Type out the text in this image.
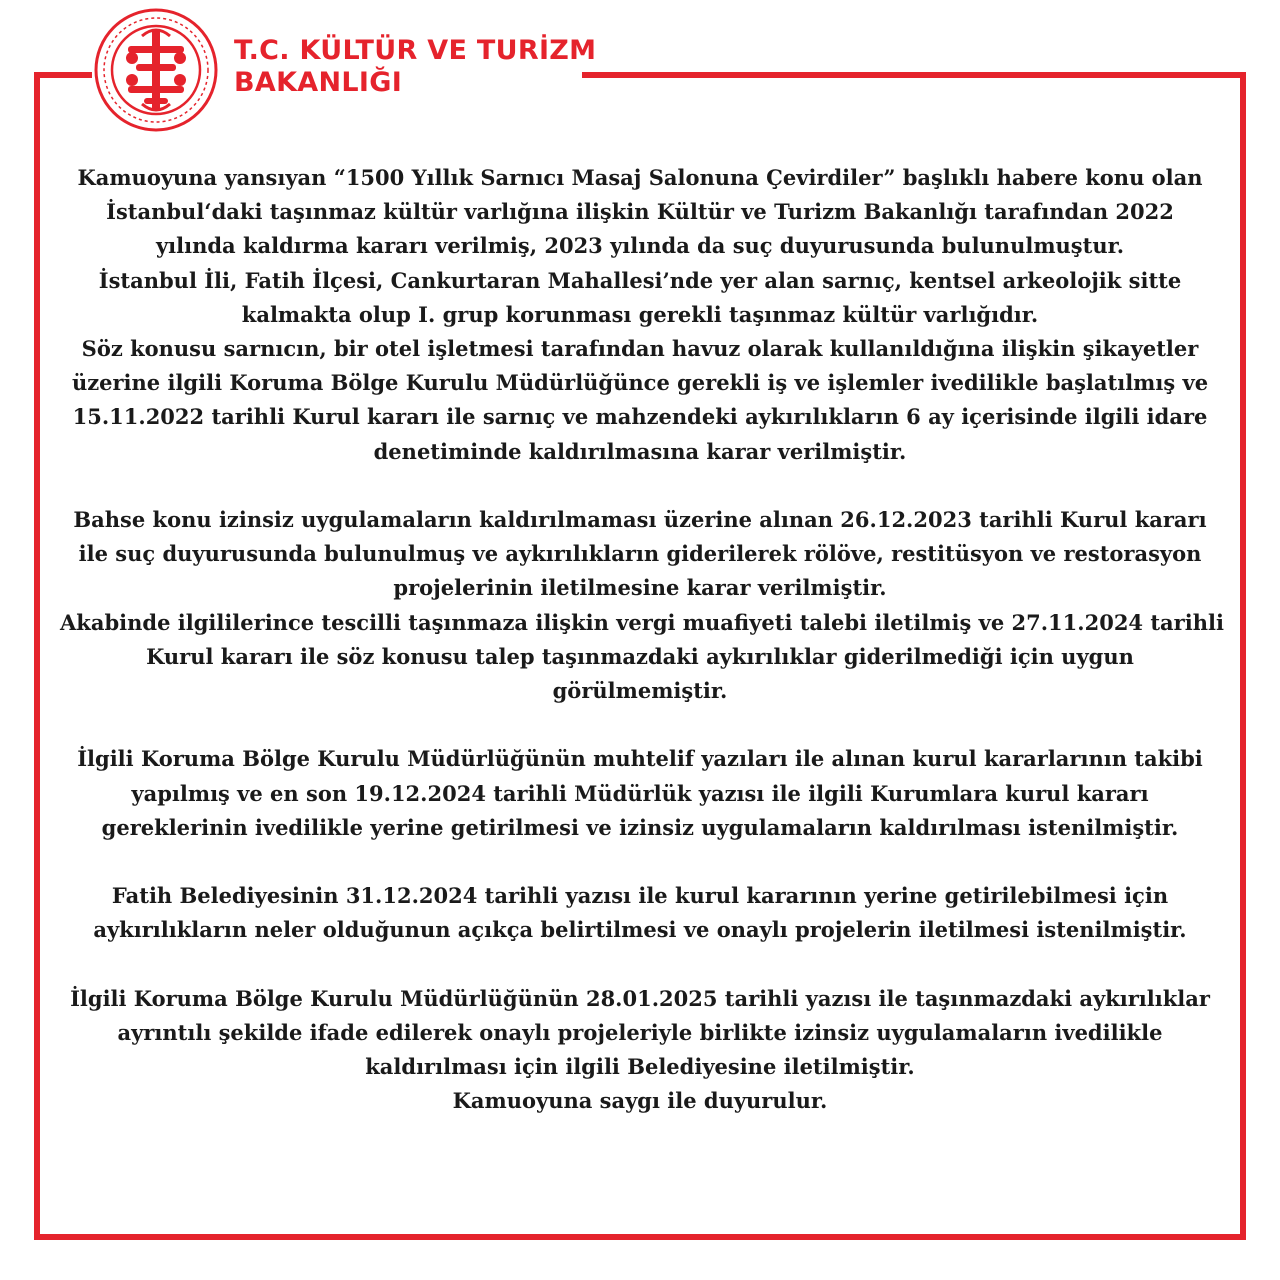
T.C. KÜLTÜR VE TURİZM
BAKANLIĞI
Kamuoyuna yansıyan “1500 Yıllık Sarnıcı Masaj Salonuna Çevirdiler” başlıklı habere konu olan
İstanbul‘daki taşınmaz kültür varlığına ilişkin Kültür ve Turizm Bakanlığı tarafından 2022
yılında kaldırma kararı verilmiş, 2023 yılında da suç duyurusunda bulunulmuştur.
İstanbul İli, Fatih İlçesi, Cankurtaran Mahallesi’nde yer alan sarnıç, kentsel arkeolojik sitte
kalmakta olup I. grup korunması gerekli taşınmaz kültür varlığıdır.
Söz konusu sarnıcın, bir otel işletmesi tarafından havuz olarak kullanıldığına ilişkin şikayetler
üzerine ilgili Koruma Bölge Kurulu Müdürlüğünce gerekli iş ve işlemler ivedilikle başlatılmış ve
15.11.2022 tarihli Kurul kararı ile sarnıç ve mahzendeki aykırılıkların 6 ay içerisinde ilgili idare
denetiminde kaldırılmasına karar verilmiştir.
Bahse konu izinsiz uygulamaların kaldırılmaması üzerine alınan 26.12.2023 tarihli Kurul kararı
ile suç duyurusunda bulunulmuş ve aykırılıkların giderilerek rölöve, restitüsyon ve restorasyon
projelerinin iletilmesine karar verilmiştir.
Akabinde ilgililerince tescilli taşınmaza ilişkin vergi muafiyeti talebi iletilmiş ve 27.11.2024 tarihli
Kurul kararı ile söz konusu talep taşınmazdaki aykırılıklar giderilmediği için uygun
görülmemiştir.
İlgili Koruma Bölge Kurulu Müdürlüğünün muhtelif yazıları ile alınan kurul kararlarının takibi
yapılmış ve en son 19.12.2024 tarihli Müdürlük yazısı ile ilgili Kurumlara kurul kararı
gereklerinin ivedilikle yerine getirilmesi ve izinsiz uygulamaların kaldırılması istenilmiştir.
Fatih Belediyesinin 31.12.2024 tarihli yazısı ile kurul kararının yerine getirilebilmesi için
aykırılıkların neler olduğunun açıkça belirtilmesi ve onaylı projelerin iletilmesi istenilmiştir.
İlgili Koruma Bölge Kurulu Müdürlüğünün 28.01.2025 tarihli yazısı ile taşınmazdaki aykırılıklar
ayrıntılı şekilde ifade edilerek onaylı projeleriyle birlikte izinsiz uygulamaların ivedilikle
kaldırılması için ilgili Belediyesine iletilmiştir.
Kamuoyuna saygı ile duyurulur.
